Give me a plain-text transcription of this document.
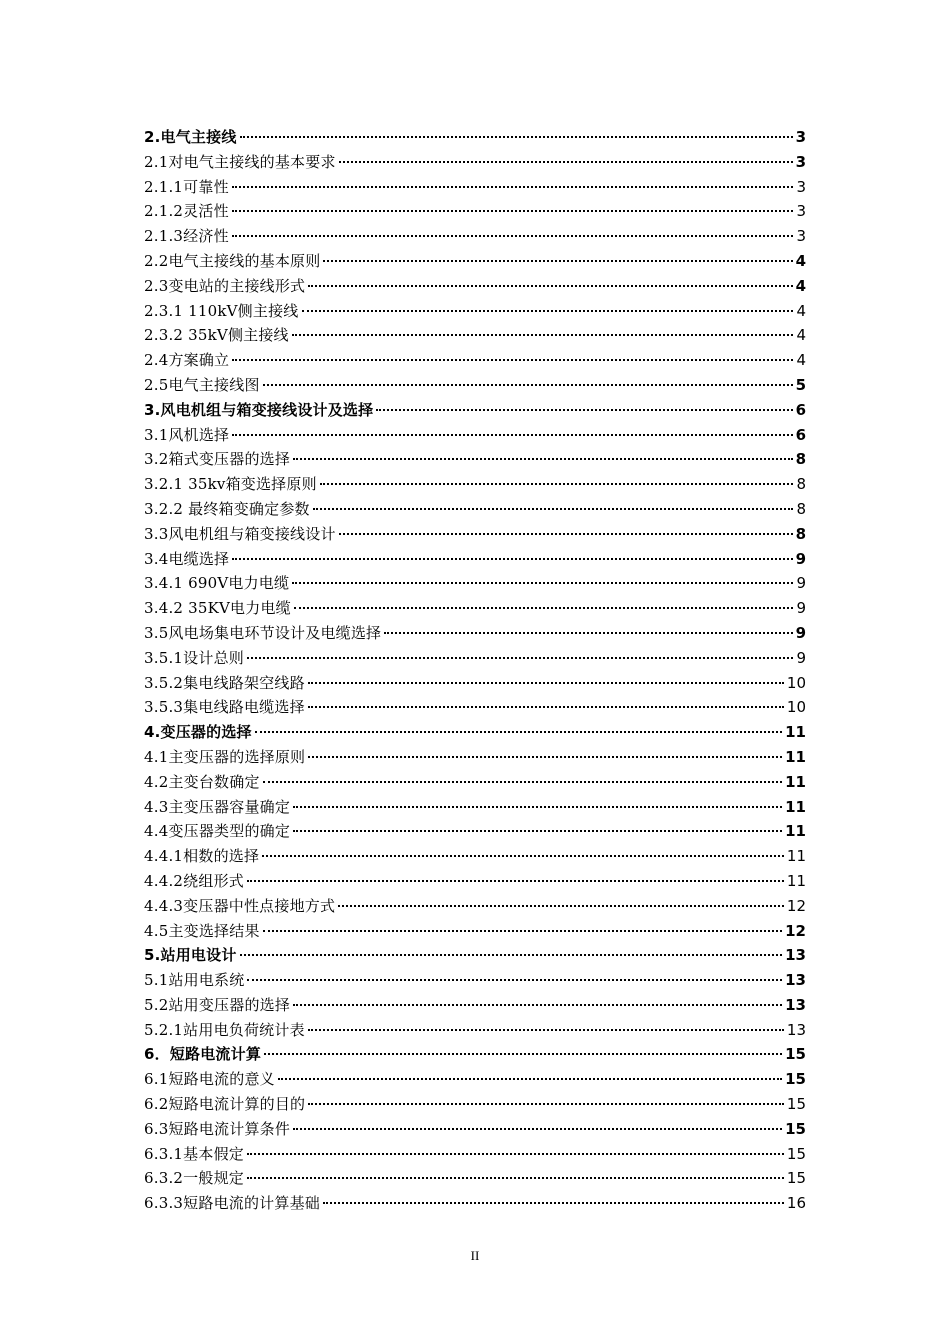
2.电气主接线	3
2.1对电气主接线的基本要求	3
2.1.1可靠性	3
2.1.2灵活性	3
2.1.3经济性	3
2.2电气主接线的基本原则	4
2.3变电站的主接线形式	4
2.3.1 110kV侧主接线	4
2.3.2 35kV侧主接线	4
2.4方案确立	4
2.5电气主接线图	5
3.风电机组与箱变接线设计及选择	6
3.1风机选择	6
3.2箱式变压器的选择	8
3.2.1 35kv箱变选择原则	8
3.2.2 最终箱变确定参数	8
3.3风电机组与箱变接线设计	8
3.4电缆选择	9
3.4.1 690V电力电缆	9
3.4.2 35KV电力电缆	9
3.5风电场集电环节设计及电缆选择	9
3.5.1设计总则	9
3.5.2集电线路架空线路	10
3.5.3集电线路电缆选择	10
4.变压器的选择	11
4.1主变压器的选择原则	11
4.2主变台数确定	11
4.3主变压器容量确定	11
4.4变压器类型的确定	11
4.4.1相数的选择	11
4.4.2绕组形式	11
4.4.3变压器中性点接地方式	12
4.5主变选择结果	12
5.站用电设计	13
5.1站用电系统	13
5.2站用变压器的选择	13
5.2.1站用电负荷统计表	13
6．短路电流计算	15
6.1短路电流的意义	15
6.2短路电流计算的目的	15
6.3短路电流计算条件	15
6.3.1基本假定	15
6.3.2一般规定	15
6.3.3短路电流的计算基础	16
II
